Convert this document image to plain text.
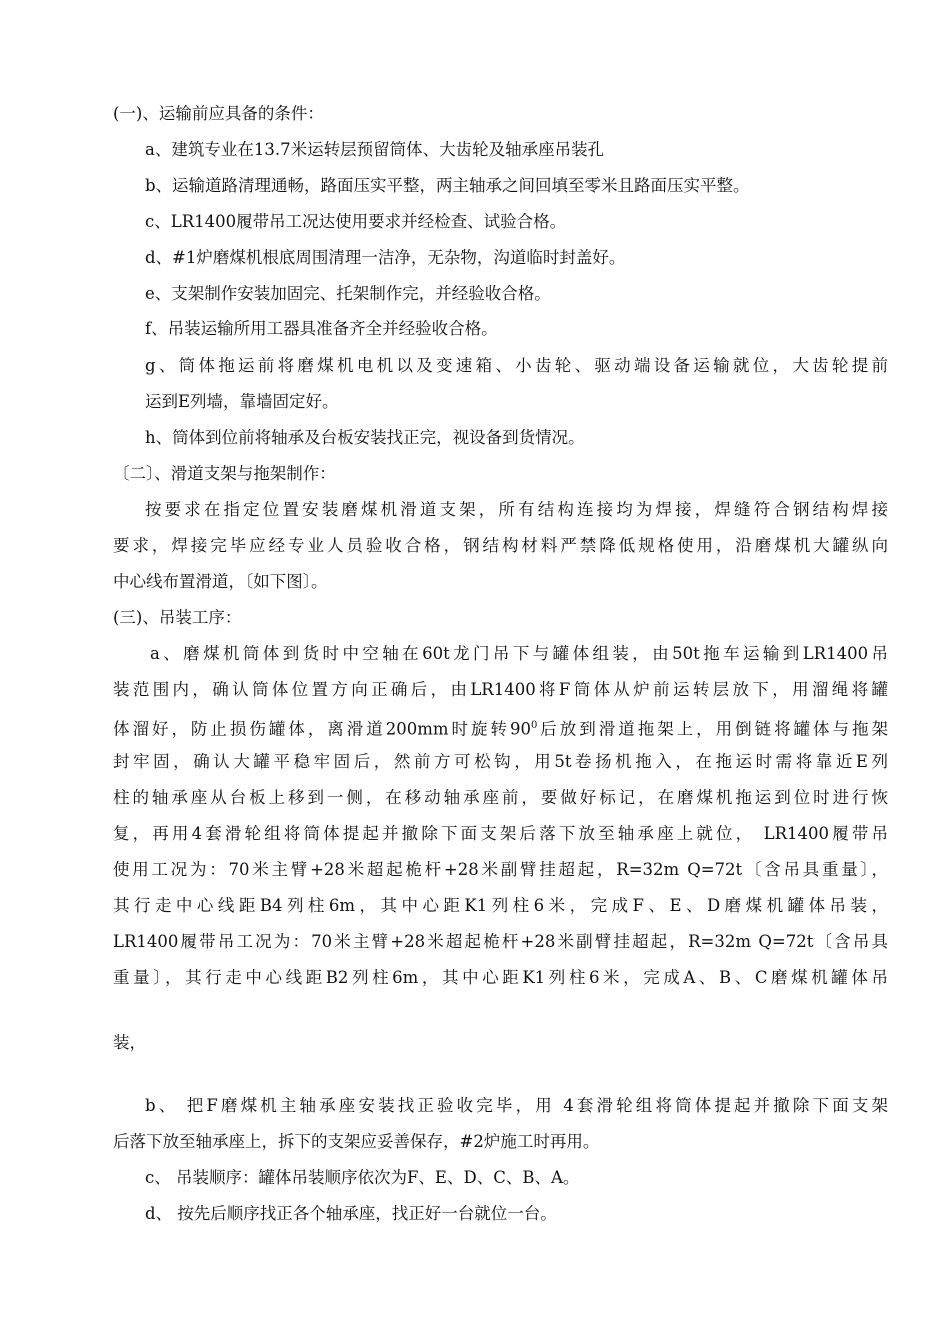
(一)、运输前应具备的条件：
a、建筑专业在13.7米运转层预留筒体、大齿轮及轴承座吊装孔
b、运输道路清理通畅，路面压实平整，两主轴承之间回填至零米且路面压实平整。
c、LR1400履带吊工况达使用要求并经检查、试验合格。
d、#1炉磨煤机根底周围清理一洁净，无杂物，沟道临时封盖好。
e、支架制作安装加固完、托架制作完，并经验收合格。
f、吊装运输所用工器具准备齐全并经验收合格。
g、筒体拖运前将磨煤机电机以及变速箱、小齿轮、驱动端设备运输就位，大齿轮提前
运到E列墙，靠墙固定好。
h、筒体到位前将轴承及台板安装找正完，视设备到货情况。
〔二〕、滑道支架与拖架制作：
按要求在指定位置安装磨煤机滑道支架，所有结构连接均为焊接，焊缝符合钢结构焊接
要求，焊接完毕应经专业人员验收合格，钢结构材料严禁降低规格使用，沿磨煤机大罐纵向
中心线布置滑道，〔如下图〕。
(三)、吊装工序：
a、磨煤机筒体到货时中空轴在60t龙门吊下与罐体组装，由50t拖车运输到LR1400吊
装范围内，确认筒体位置方向正确后，由LR1400将F筒体从炉前运转层放下，用溜绳将罐
体溜好，防止损伤罐体，离滑道200mm时旋转$90^0$后放到滑道拖架上，用倒链将罐体与拖架
封牢固，确认大罐平稳牢固后，然前方可松钩，用5t卷扬机拖入，在拖运时需将靠近E列
柱的轴承座从台板上移到一侧，在移动轴承座前，要做好标记，在磨煤机拖运到位时进行恢
复，再用4套滑轮组将筒体提起并撤除下面支架后落下放至轴承座上就位， LR1400履带吊
使用工况为：70米主臂+28米超起桅杆+28米副臂挂超起，R=32m Q=72t〔含吊具重量〕，
其行走中心线距B4列柱6m，其中心距K1列柱6米，完成F、E、D磨煤机罐体吊装，
LR1400履带吊工况为：70米主臂+28米超起桅杆+28米副臂挂超起，R=32m Q=72t〔含吊具
重量〕，其行走中心线距B2列柱6m，其中心距K1列柱6米，完成A、B、C磨煤机罐体吊
装，
b、 把F磨煤机主轴承座安装找正验收完毕，用 4套滑轮组将筒体提起并撤除下面支架
后落下放至轴承座上，拆下的支架应妥善保存，#2炉施工时再用。
c、 吊装顺序：罐体吊装顺序依次为F、E、D、C、B、A。
d、 按先后顺序找正各个轴承座，找正好一台就位一台。
